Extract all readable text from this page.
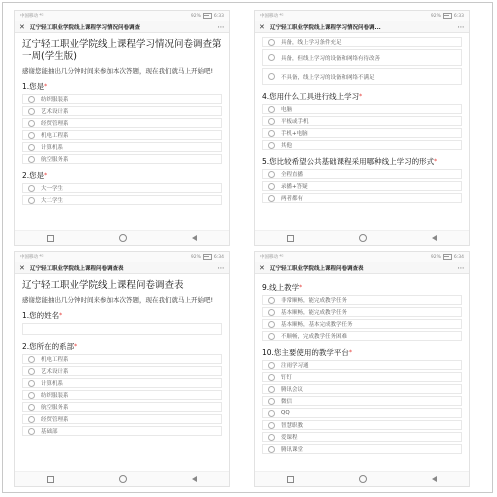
中国移动 ⁴ᴳ	92%	6:33
✕ 辽宁轻工职业学院线上课程学习情况问卷调查	⋯
辽宁轻工职业学院线上课程学习情况问卷调查第一周(学生版)
感谢您能抽出几分钟时间来参加本次答题，现在我们就马上开始吧!
1.您是*
纺织服装系
艺术设计系
经贸管理系
机电工程系
计算机系
航空服务系
2.您是*
大一学生
大二学生
中国移动 ⁴ᴳ	92%	6:33
✕ 辽宁轻工职业学院线上课程学习情况问卷调...	⋯
具备，线上学习条件充足
具备，但线上学习的设备和网络有待改善
不具备，线上学习的设备和网络不满足
4.您用什么工具进行线上学习*
电脑
平板或手机
手机+电脑
其他
5.您比较希望公共基础课程采用哪种线上学习的形式*
全程直播
录播+答疑
两者都有
中国移动 ⁴ᴳ	92%	6:34
✕ 辽宁轻工职业学院线上课程问卷调查表	⋯
辽宁轻工职业学院线上课程问卷调查表
感谢您能抽出几分钟时间来参加本次答题，现在我们就马上开始吧!
1.您的姓名*
2.您所在的系部*
机电工程系
艺术设计系
计算机系
纺织服装系
航空服务系
经贸管理系
基础部
中国移动 ⁴ᴳ	92%	6:34
✕ 辽宁轻工职业学院线上课程问卷调查表	⋯
9.线上教学*
非常顺畅，能完成教学任务
基本顺畅，能完成教学任务
基本顺畅，基本完成教学任务
不顺畅，完成教学任务困难
10.您主要使用的教学平台*
注雨学习通
钉钉
腾讯会议
微信
QQ
智慧职教
爱课程
腾讯课堂
